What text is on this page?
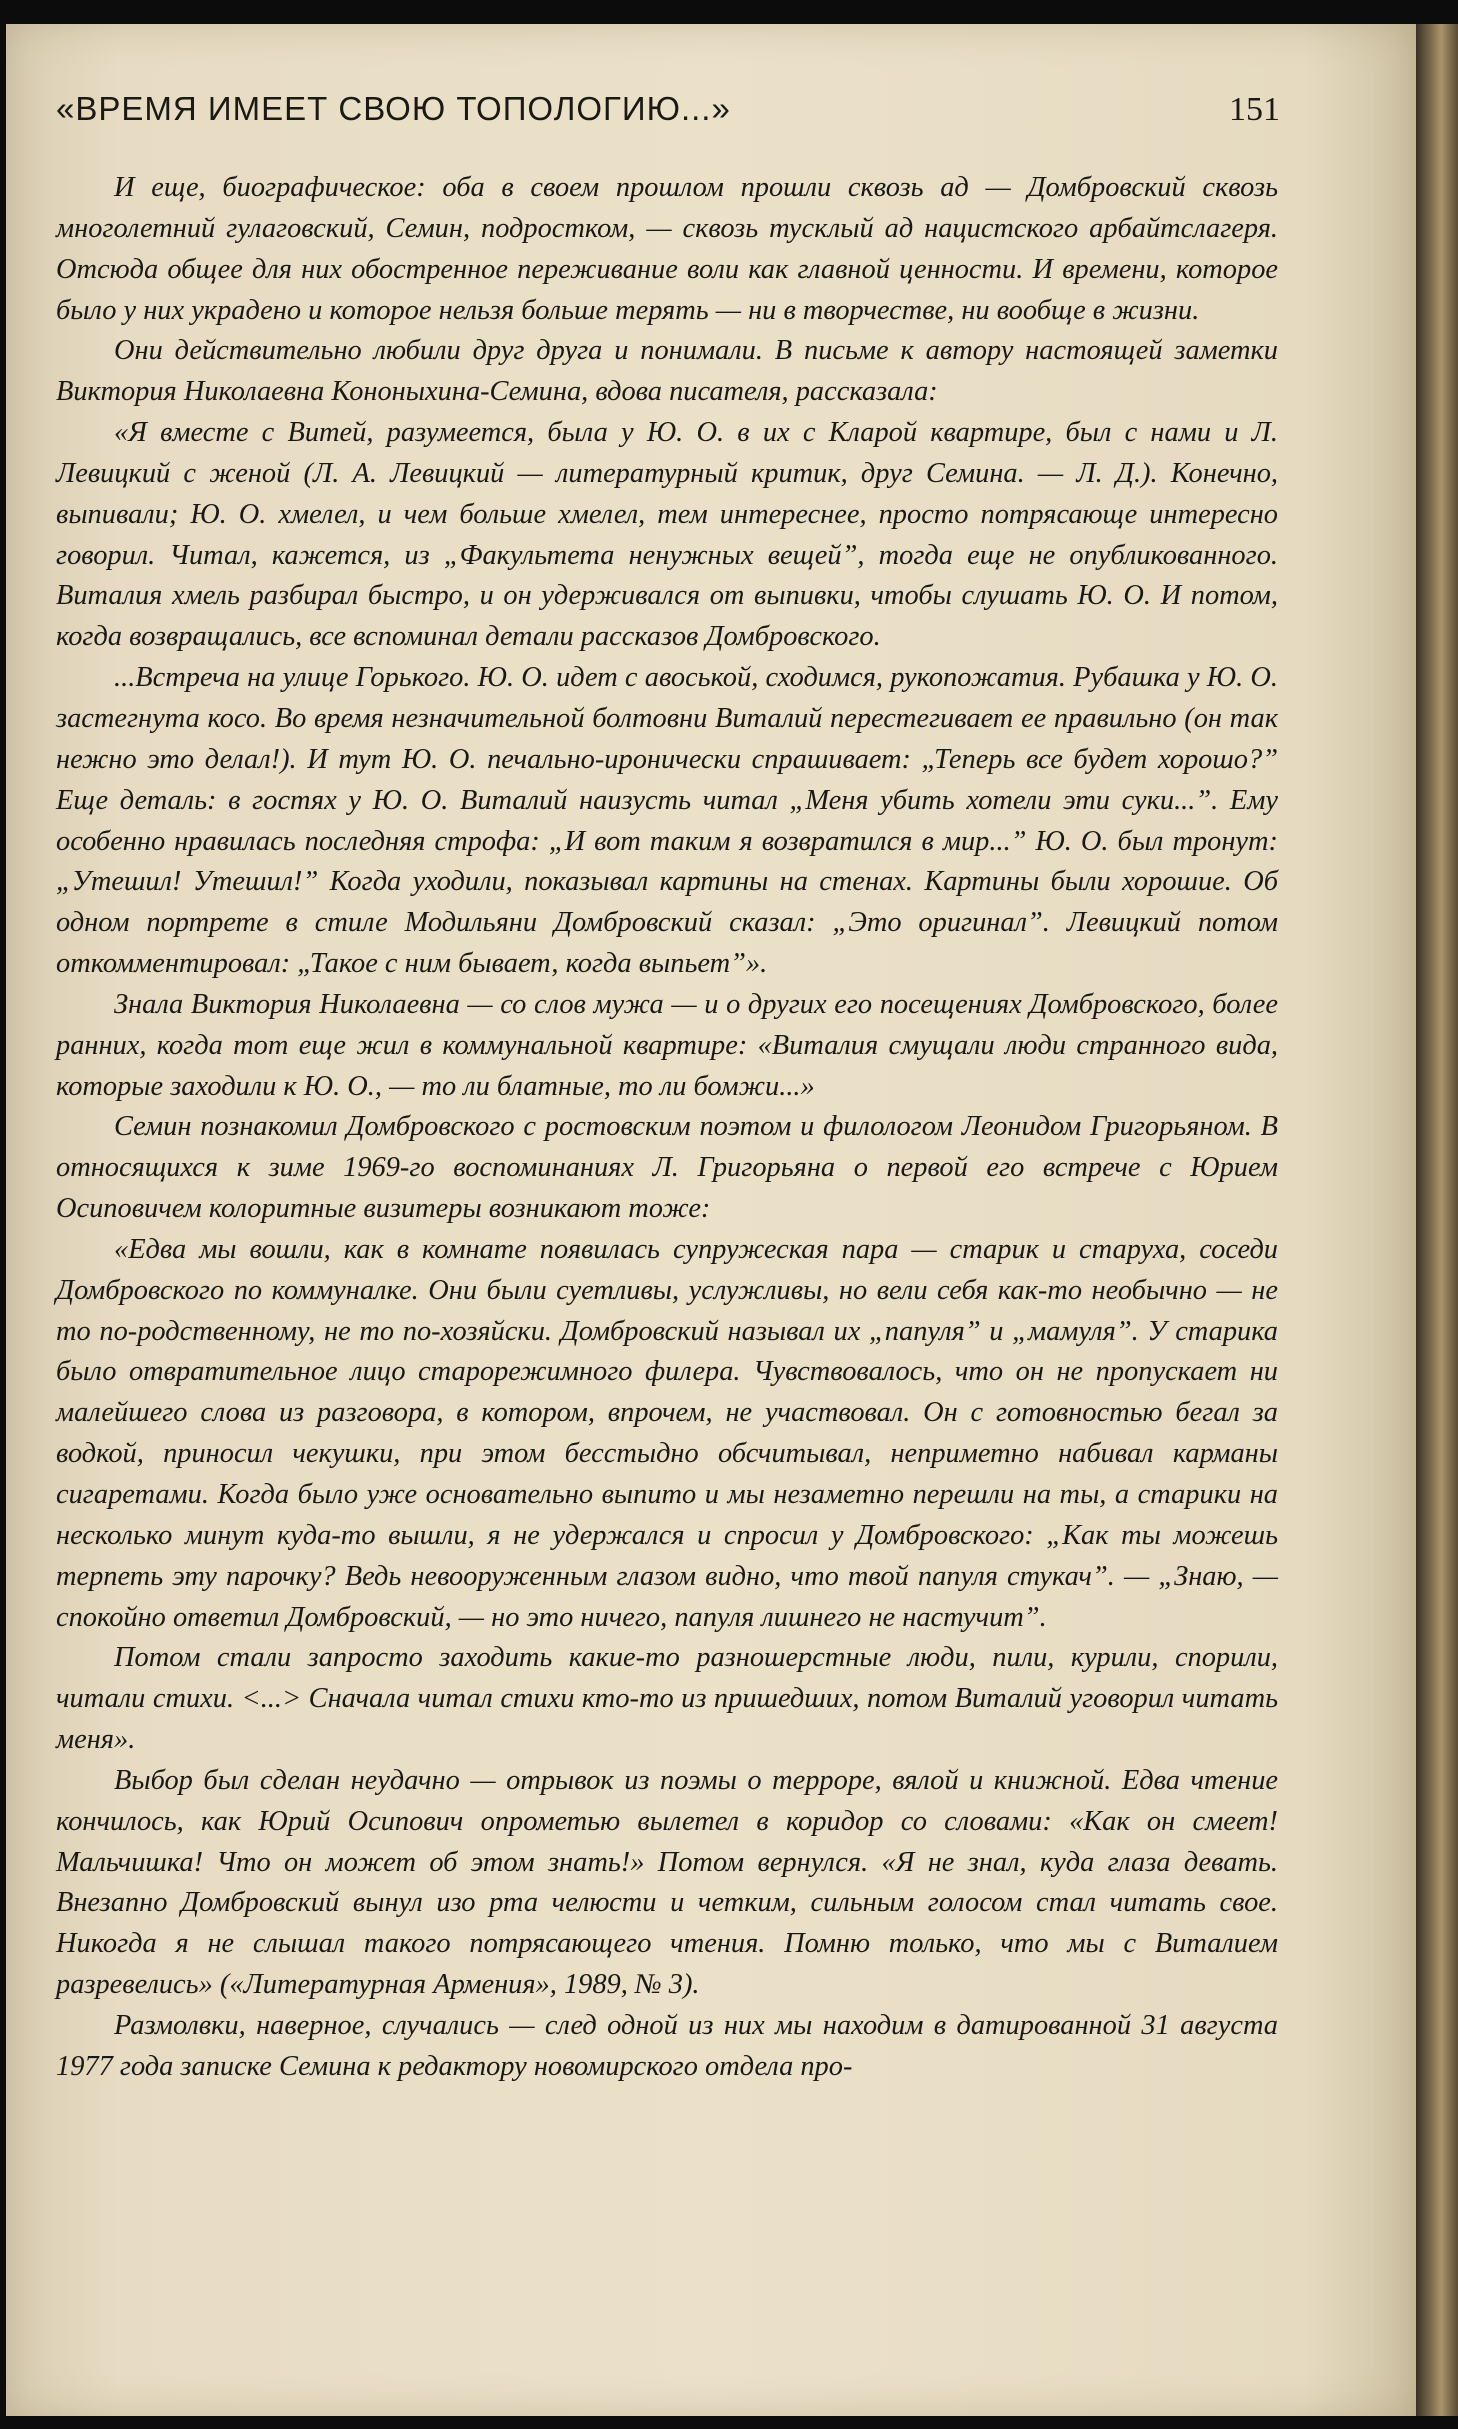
«ВРЕМЯ ИМЕЕТ СВОЮ ТОПОЛОГИЮ...»	151

И еще, биографическое: оба в своем прошлом прошли сквозь ад — Домбровский сквозь многолетний гулаговский, Семин, подростком, — сквозь тусклый ад нацистского арбайтслагеря. Отсюда общее для них обостренное переживание воли как главной ценности. И времени, которое было у них украдено и которое нельзя больше терять — ни в творчестве, ни вообще в жизни.

Они действительно любили друг друга и понимали. В письме к автору настоящей заметки Виктория Николаевна Кононыхина-Семина, вдова писателя, рассказала:

«Я вместе с Витей, разумеется, была у Ю. О. в их с Кларой квартире, был с нами и Л. Левицкий с женой (Л. А. Левицкий — литературный критик, друг Семина. — Л. Д.). Конечно, выпивали; Ю. О. хмелел, и чем больше хмелел, тем интереснее, просто потрясающе интересно говорил. Читал, кажется, из „Факультета ненужных вещей”, тогда еще не опубликованного. Виталия хмель разбирал быстро, и он удерживался от выпивки, чтобы слушать Ю. О. И потом, когда возвращались, все вспоминал детали рассказов Домбровского.

...Встреча на улице Горького. Ю. О. идет с авоськой, сходимся, рукопожатия. Рубашка у Ю. О. застегнута косо. Во время незначительной болтовни Виталий перестегивает ее правильно (он так нежно это делал!). И тут Ю. О. печально-иронически спрашивает: „Теперь все будет хорошо?” Еще деталь: в гостях у Ю. О. Виталий наизусть читал „Меня убить хотели эти суки...”. Ему особенно нравилась последняя строфа: „И вот таким я возвратился в мир...” Ю. О. был тронут: „Утешил! Утешил!” Когда уходили, показывал картины на стенах. Картины были хорошие. Об одном портрете в стиле Модильяни Домбровский сказал: „Это оригинал”. Левицкий потом откомментировал: „Такое с ним бывает, когда выпьет”».

Знала Виктория Николаевна — со слов мужа — и о других его посещениях Домбровского, более ранних, когда тот еще жил в коммунальной квартире: «Виталия смущали люди странного вида, которые заходили к Ю. О., — то ли блатные, то ли бомжи...»

Семин познакомил Домбровского с ростовским поэтом и филологом Леонидом Григорьяном. В относящихся к зиме 1969-го воспоминаниях Л. Григорьяна о первой его встрече с Юрием Осиповичем колоритные визитеры возникают тоже:

«Едва мы вошли, как в комнате появилась супружеская пара — старик и старуха, соседи Домбровского по коммуналке. Они были суетливы, услужливы, но вели себя как-то необычно — не то по-родственному, не то по-хозяйски. Домбровский называл их „папуля” и „мамуля”. У старика было отвратительное лицо старорежимного филера. Чувствовалось, что он не пропускает ни малейшего слова из разговора, в котором, впрочем, не участвовал. Он с готовностью бегал за водкой, приносил чекушки, при этом бесстыдно обсчитывал, неприметно набивал карманы сигаретами. Когда было уже основательно выпито и мы незаметно перешли на ты, а старики на несколько минут куда-то вышли, я не удержался и спросил у Домбровского: „Как ты можешь терпеть эту парочку? Ведь невооруженным глазом видно, что твой папуля стукач”. — „Знаю, — спокойно ответил Домбровский, — но это ничего, папуля лишнего не настучит”.

Потом стали запросто заходить какие-то разношерстные люди, пили, курили, спорили, читали стихи. <...> Сначала читал стихи кто-то из пришедших, потом Виталий уговорил читать меня».

Выбор был сделан неудачно — отрывок из поэмы о терроре, вялой и книжной. Едва чтение кончилось, как Юрий Осипович опрометью вылетел в коридор со словами: «Как он смеет! Мальчишка! Что он может об этом знать!» Потом вернулся. «Я не знал, куда глаза девать. Внезапно Домбровский вынул изо рта челюсти и четким, сильным голосом стал читать свое. Никогда я не слышал такого потрясающего чтения. Помню только, что мы с Виталием разревелись» («Литературная Армения», 1989, № 3).

Размолвки, наверное, случались — след одной из них мы находим в датированной 31 августа 1977 года записке Семина к редактору новомирского отдела про-
